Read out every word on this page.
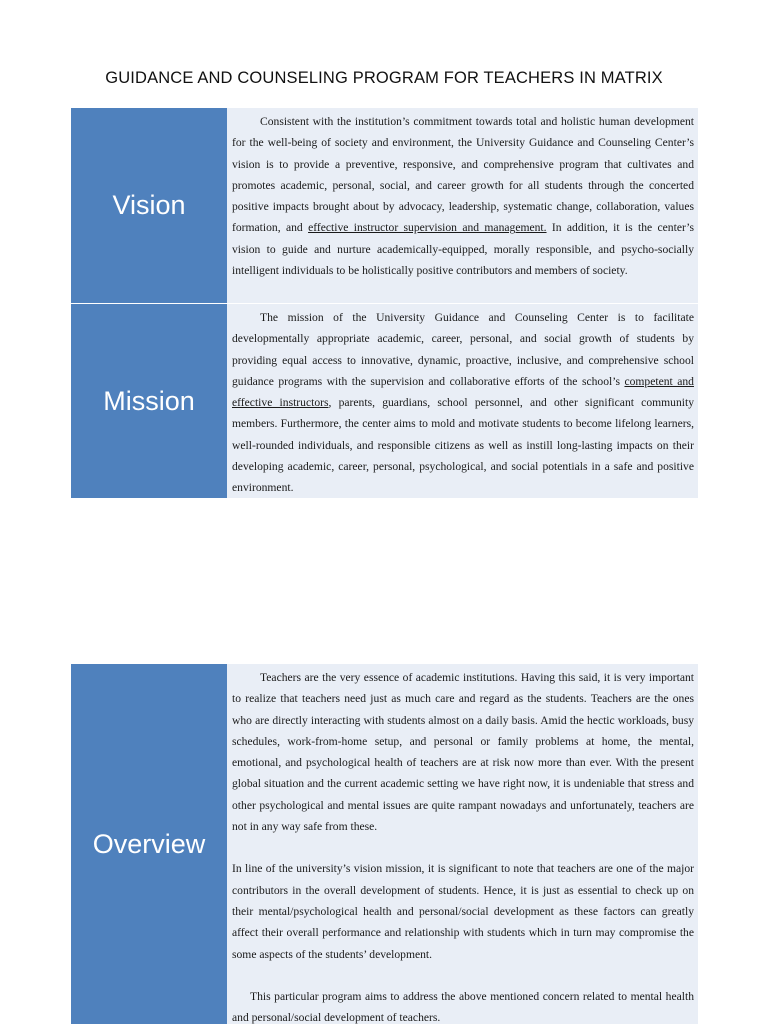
GUIDANCE AND COUNSELING PROGRAM FOR TEACHERS IN MATRIX
Vision

Consistent with the institution’s commitment towards total and holistic human development for the well-being of society and environment, the University Guidance and Counseling Center’s vision is to provide a preventive, responsive, and comprehensive program that cultivates and promotes academic, personal, social, and career growth for all students through the concerted positive impacts brought about by advocacy, leadership, systematic change, collaboration, values formation, and effective instructor supervision and management. In addition, it is the center’s vision to guide and nurture academically-equipped, morally responsible, and psycho-socially intelligent individuals to be holistically positive contributors and members of society.

Mission

The mission of the University Guidance and Counseling Center is to facilitate developmentally appropriate academic, career, personal, and social growth of students by providing equal access to innovative, dynamic, proactive, inclusive, and comprehensive school guidance programs with the supervision and collaborative efforts of the school’s competent and effective instructors, parents, guardians, school personnel, and other significant community members. Furthermore, the center aims to mold and motivate students to become lifelong learners, well-rounded individuals, and responsible citizens as well as instill long-lasting impacts on their developing academic, career, personal, psychological, and social potentials in a safe and positive environment.

Overview

Teachers are the very essence of academic institutions. Having this said, it is very important to realize that teachers need just as much care and regard as the students. Teachers are the ones who are directly interacting with students almost on a daily basis. Amid the hectic workloads, busy schedules, work-from-home setup, and personal or family problems at home, the mental, emotional, and psychological health of teachers are at risk now more than ever. With the present global situation and the current academic setting we have right now, it is undeniable that stress and other psychological and mental issues are quite rampant nowadays and unfortunately, teachers are not in any way safe from these.

In line of the university’s vision mission, it is significant to note that teachers are one of the major contributors in the overall development of students. Hence, it is just as essential to check up on their mental/psychological health and personal/social development as these factors can greatly affect their overall performance and relationship with students which in turn may compromise the some aspects of the students’ development.

This particular program aims to address the above mentioned concern related to mental health and personal/social development of teachers.
